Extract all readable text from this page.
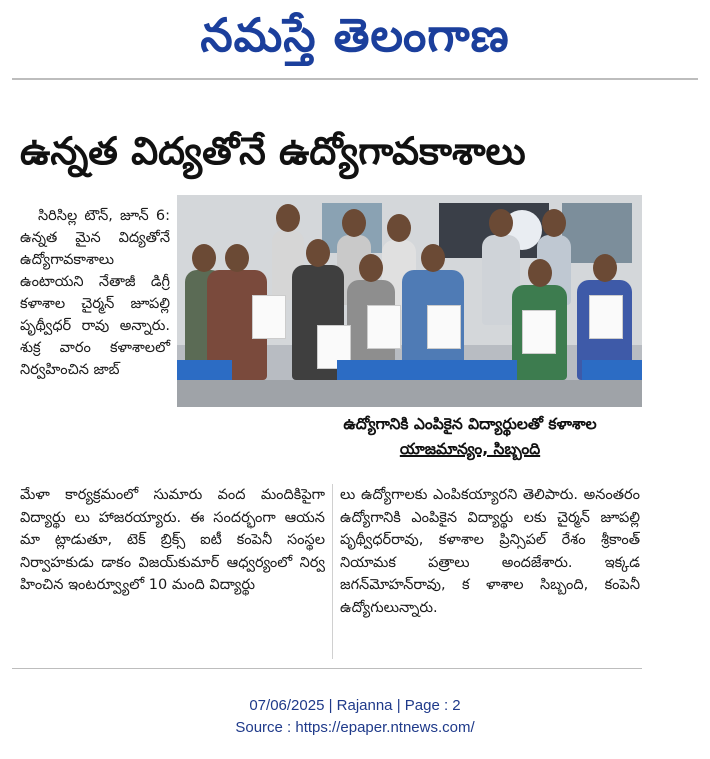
నమస్తే తెలంగాణ
ఉన్నత విద్యతోనే ఉద్యోగావకాశాలు

సిరిసిల్ల టౌన్, జూన్ 6: ఉన్నత మైన విద్యతోనే ఉద్యోగావకాశాలు ఉంటాయని నేతాజీ డిగ్రీ కళాశాల చైర్మన్ జూపల్లి పృథ్వీధర్ రావు అన్నారు. శుక్ర వారం కళాశాలలో నిర్వహించిన జాబ్

ఉద్యోగానికి ఎంపికైన విద్యార్థులతో కళాశాల
యాజమాన్యం, సిబ్బంది

మేళా కార్యక్రమంలో సుమారు వంద మందికిపైగా విద్యార్థు లు హాజరయ్యారు. ఈ సందర్భంగా ఆయన మా ట్లాడుతూ, టెక్ బ్రిక్స్ ఐటీ కంపెనీ సంస్థల నిర్వాహకుడు డాకం విజయ్‌కుమార్ ఆధ్వర్యంలో నిర్వ హించిన ఇంటర్వ్యూలో 10 మంది విద్యార్థు

లు ఉద్యోగాలకు ఎంపికయ్యారని తెలిపారు. అనంతరం ఉద్యోగానికి ఎంపికైన విద్యార్థు లకు చైర్మన్ జూపల్లి పృథ్వీధర్‌రావు, కళాశాల ప్రిన్సిపల్ రేశం శ్రీకాంత్ నియామక పత్రాలు అందజేశారు. ఇక్కడ జగన్‌మోహన్‌రావు, క ళాశాల సిబ్బంది, కంపెనీ ఉద్యోగులున్నారు.

07/06/2025 | Rajanna | Page : 2
Source : https://epaper.ntnews.com/
